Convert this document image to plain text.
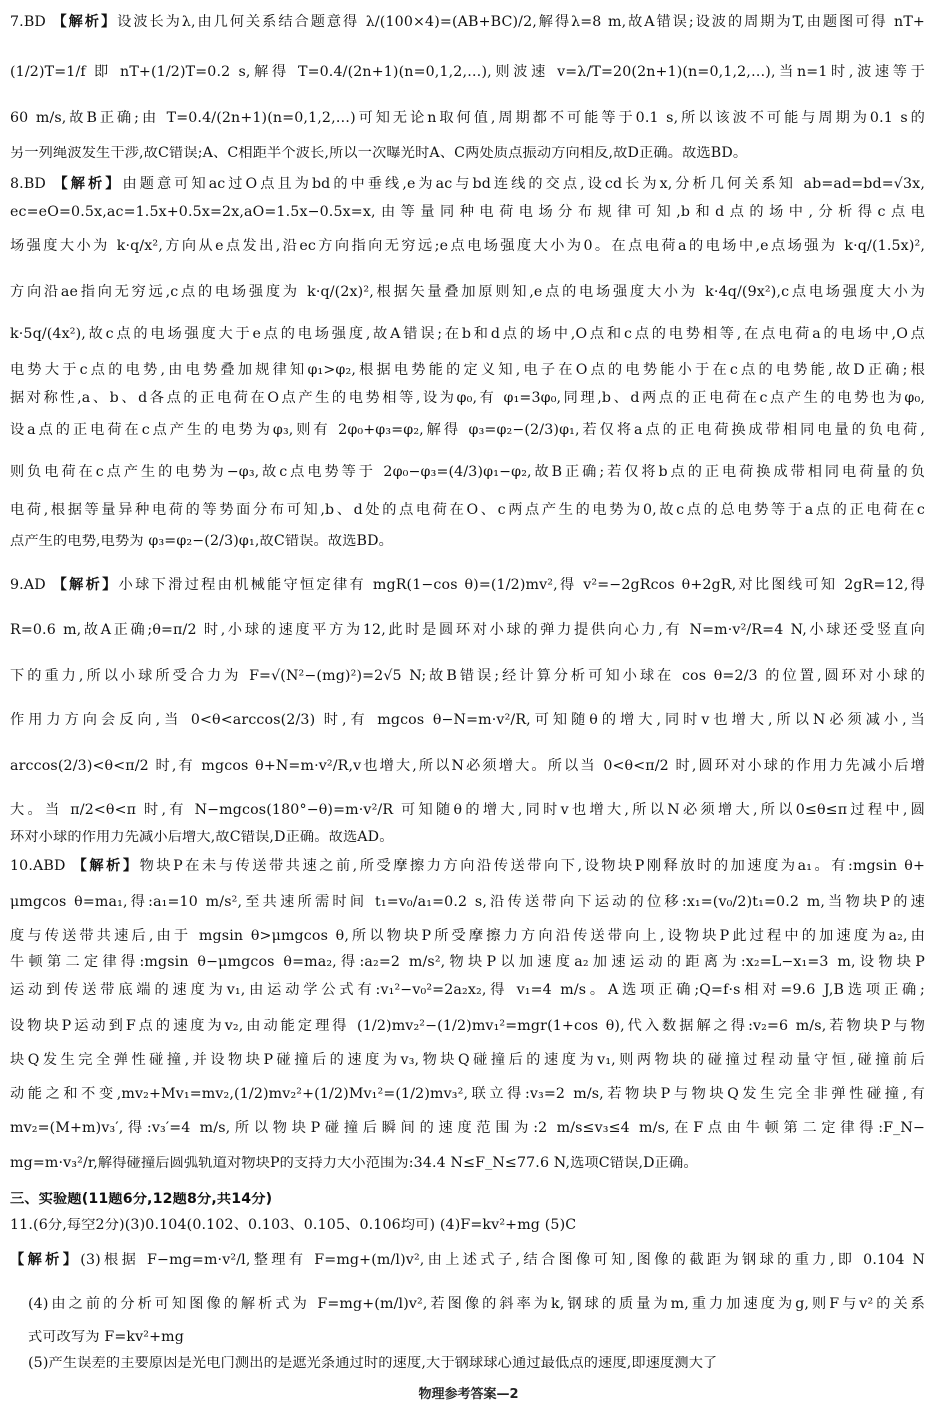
7.BD 【解析】设波长为λ,由几何关系结合题意得 λ/(100×4)=(AB+BC)/2,解得λ=8 m,故A错误;设波的周期为T,由题图可得 nT+
(1/2)T=1/f 即 nT+(1/2)T=0.2 s,解得 T=0.4/(2n+1)(n=0,1,2,…),则波速 v=λ/T=20(2n+1)(n=0,1,2,…),当n=1时,波速等于
60 m/s,故B正确;由 T=0.4/(2n+1)(n=0,1,2,…)可知无论n取何值,周期都不可能等于0.1 s,所以该波不可能与周期为0.1 s的
另一列绳波发生干涉,故C错误;A、C相距半个波长,所以一次曝光时A、C两处质点振动方向相反,故D正确。故选BD。
8.BD 【解析】由题意可知ac过O点且为bd的中垂线,e为ac与bd连线的交点,设cd长为x,分析几何关系知 ab=ad=bd=√3x,
ec=eO=0.5x,ac=1.5x+0.5x=2x,aO=1.5x−0.5x=x,由等量同种电荷电场分布规律可知,b和d点的场中,分析得c点电
场强度大小为 k·q/x²,方向从e点发出,沿ec方向指向无穷远;e点电场强度大小为0。在点电荷a的电场中,e点场强为 k·q/(1.5x)²,
方向沿ae指向无穷远,c点的电场强度为 k·q/(2x)²,根据矢量叠加原则知,e点的电场强度大小为 k·4q/(9x²),c点电场强度大小为
k·5q/(4x²),故c点的电场强度大于e点的电场强度,故A错误;在b和d点的场中,O点和c点的电势相等,在点电荷a的电场中,O点
电势大于c点的电势,由电势叠加规律知φ₁>φ₂,根据电势能的定义知,电子在O点的电势能小于在c点的电势能,故D正确;根
据对称性,a、b、d各点的正电荷在O点产生的电势相等,设为φ₀,有 φ₁=3φ₀,同理,b、d两点的正电荷在c点产生的电势也为φ₀,
设a点的正电荷在c点产生的电势为φ₃,则有 2φ₀+φ₃=φ₂,解得 φ₃=φ₂−(2/3)φ₁,若仅将a点的正电荷换成带相同电量的负电荷,
则负电荷在c点产生的电势为−φ₃,故c点电势等于 2φ₀−φ₃=(4/3)φ₁−φ₂,故B正确;若仅将b点的正电荷换成带相同电荷量的负
电荷,根据等量异种电荷的等势面分布可知,b、d处的点电荷在O、c两点产生的电势为0,故c点的总电势等于a点的正电荷在c
点产生的电势,电势为 φ₃=φ₂−(2/3)φ₁,故C错误。故选BD。
9.AD 【解析】小球下滑过程由机械能守恒定律有 mgR(1−cos θ)=(1/2)mv²,得 v²=−2gRcos θ+2gR,对比图线可知 2gR=12,得
R=0.6 m,故A正确;θ=π/2 时,小球的速度平方为12,此时是圆环对小球的弹力提供向心力,有 N=m·v²/R=4 N,小球还受竖直向
下的重力,所以小球所受合力为 F=√(N²−(mg)²)=2√5 N;故B错误;经计算分析可知小球在 cos θ=2/3 的位置,圆环对小球的
作用力方向会反向,当 0<θ<arccos(2/3) 时,有 mgcos θ−N=m·v²/R,可知随θ的增大,同时v也增大,所以N必须减小,当
arccos(2/3)<θ<π/2 时,有 mgcos θ+N=m·v²/R,v也增大,所以N必须增大。所以当 0<θ<π/2 时,圆环对小球的作用力先减小后增
大。当 π/2<θ<π 时,有 N−mgcos(180°−θ)=m·v²/R 可知随θ的增大,同时v也增大,所以N必须增大,所以0≤θ≤π过程中,圆
环对小球的作用力先减小后增大,故C错误,D正确。故选AD。
10.ABD 【解析】物块P在未与传送带共速之前,所受摩擦力方向沿传送带向下,设物块P刚释放时的加速度为a₁。有:mgsin θ+
μmgcos θ=ma₁,得:a₁=10 m/s²,至共速所需时间 t₁=v₀/a₁=0.2 s,沿传送带向下运动的位移:x₁=(v₀/2)t₁=0.2 m,当物块P的速
度与传送带共速后,由于 mgsin θ>μmgcos θ,所以物块P所受摩擦力方向沿传送带向上,设物块P此过程中的加速度为a₂,由
牛顿第二定律得:mgsin θ−μmgcos θ=ma₂,得:a₂=2 m/s²,物块P以加速度a₂加速运动的距离为:x₂=L−x₁=3 m,设物块P
运动到传送带底端的速度为v₁,由运动学公式有:v₁²−v₀²=2a₂x₂,得 v₁=4 m/s。A选项正确;Q=f·s相对=9.6 J,B选项正确;
设物块P运动到F点的速度为v₂,由动能定理得 (1/2)mv₂²−(1/2)mv₁²=mgr(1+cos θ),代入数据解之得:v₂=6 m/s,若物块P与物
块Q发生完全弹性碰撞,并设物块P碰撞后的速度为v₃,物块Q碰撞后的速度为v₁,则两物块的碰撞过程动量守恒,碰撞前后
动能之和不变,mv₂+Mv₁=mv₂,(1/2)mv₂²+(1/2)Mv₁²=(1/2)mv₃²,联立得:v₃=2 m/s,若物块P与物块Q发生完全非弹性碰撞,有
mv₂=(M+m)v₃′,得:v₃′=4 m/s,所以物块P碰撞后瞬间的速度范围为:2 m/s≤v₃≤4 m/s,在F点由牛顿第二定律得:F_N−
mg=m·v₃²/r,解得碰撞后圆弧轨道对物块P的支持力大小范围为:34.4 N≤F_N≤77.6 N,选项C错误,D正确。
三、实验题(11题6分,12题8分,共14分)
11.(6分,每空2分)(3)0.104(0.102、0.103、0.105、0.106均可) (4)F=kv²+mg (5)C
【解析】(3)根据 F−mg=m·v²/l,整理有 F=mg+(m/l)v²,由上述式子,结合图像可知,图像的截距为钢球的重力,即 0.104 N
(4)由之前的分析可知图像的解析式为 F=mg+(m/l)v²,若图像的斜率为k,钢球的质量为m,重力加速度为g,则F与v²的关系
式可改写为 F=kv²+mg
(5)产生误差的主要原因是光电门测出的是遮光条通过时的速度,大于钢球球心通过最低点的速度,即速度测大了
物理参考答案—2
